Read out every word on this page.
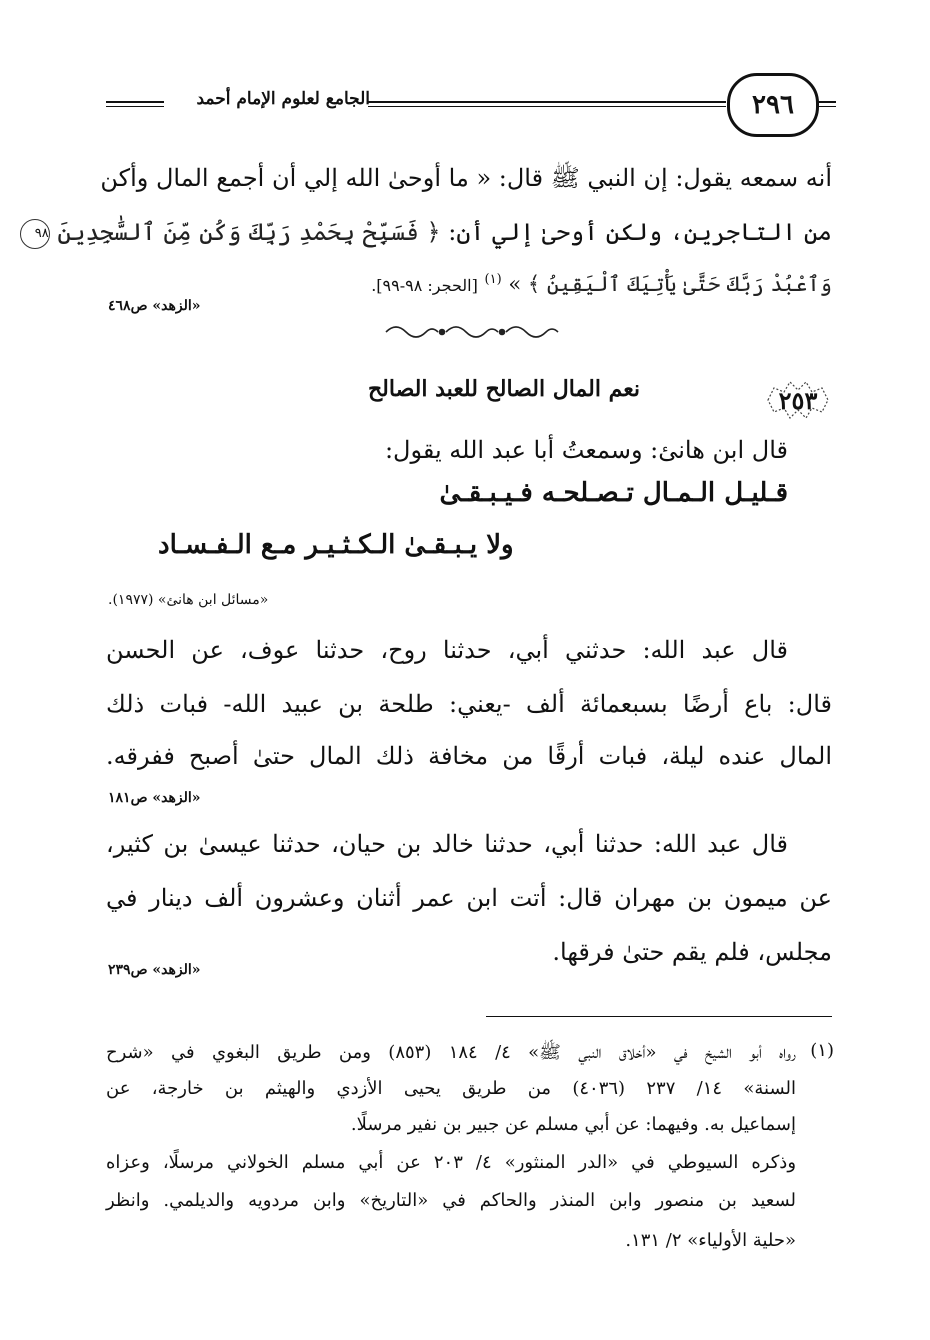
الجامع لعلوم الإمام أحمد	٢٩٦
أنه سمعه يقول: إن النبي ﷺ قال: « ما أوحىٰ الله إلي أن أجمع المال وأكن
من التاجرين، ولكن أوحىٰ إلي أن: ﴿ فَسَبِّحْ بِحَمْدِ رَبِّكَ وَكُن مِّنَ ٱلسَّٰجِدِينَ ٩٨
وَٱعْبُدْ رَبَّكَ حَتَّىٰ يَأْتِيَكَ ٱلْيَقِينُ ﴾ » $^{(١)}$ [الحجر: ٩٨-٩٩].
«الزهد» ص٤٦٨
٢٥٣
نعم المال الصالح للعبد الصالح
قال ابن هانئ: وسمعتُ أبا عبد الله يقول:
قـليـل الـمـال تـصـلحـه فـيـبـقـىٰ
ولا يـبـقـىٰ الـكـثـيـر مـع الـفـسـاد
«مسائل ابن هانئ» (١٩٧٧).
قال عبد الله: حدثني أبي، حدثنا روح، حدثنا عوف، عن الحسن
قال: باع أرضًا بسبعمائة ألف -يعني: طلحة بن عبيد الله- فبات ذلك
المال عنده ليلة، فبات أرقًا من مخافة ذلك المال حتىٰ أصبح ففرقه.
«الزهد» ص١٨١
قال عبد الله: حدثنا أبي، حدثنا خالد بن حيان، حدثنا عيسىٰ بن كثير،
عن ميمون بن مهران قال: أتت ابن عمر أثنان وعشرون ألف دينار في
مجلس، فلم يقم حتىٰ فرقها.
«الزهد» ص٢٣٩
(١)
رواه أبو الشيخ في «أخلاق النبي ﷺ» ٤/ ١٨٤ (٨٥٣) ومن طريق البغوي في «شرح
السنة» ١٤/ ٢٣٧ (٤٠٣٦) من طريق يحيى الأزدي والهيثم بن خارجة، عن
إسماعيل به. وفيهما: عن أبي مسلم عن جبير بن نفير مرسلًا.
وذكره السيوطي في «الدر المنثور» ٤/ ٢٠٣ عن أبي مسلم الخولاني مرسلًا، وعزاه
لسعيد بن منصور وابن المنذر والحاكم في «التاريخ» وابن مردويه والديلمي. وانظر
«حلية الأولياء» ٢/ ١٣١.
